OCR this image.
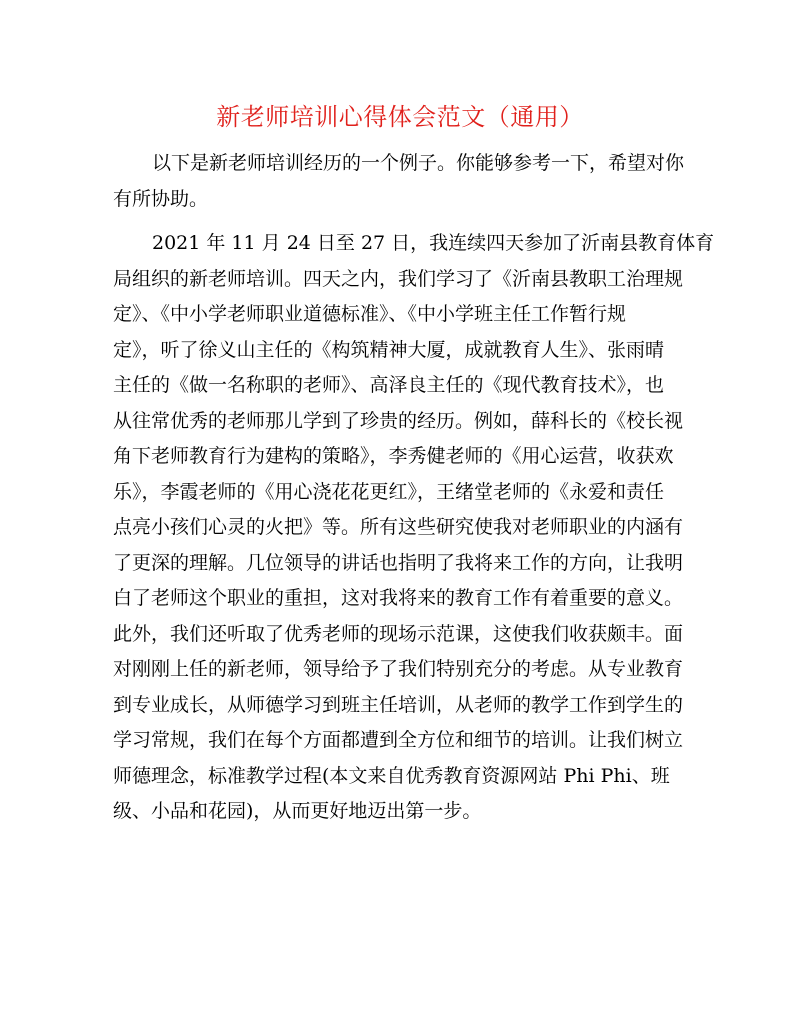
新老师培训心得体会范文（通用）
以下是新老师培训经历的一个例子。你能够参考一下，希望对你
有所协助。
2021 年 11 月 24 日至 27 日，我连续四天参加了沂南县教育体育
局组织的新老师培训。四天之内，我们学习了《沂南县教职工治理规
定》、《中小学老师职业道德标准》、《中小学班主任工作暂行规
定》，听了徐义山主任的《构筑精神大厦，成就教育人生》、张雨晴
主任的《做一名称职的老师》、高泽良主任的《现代教育技术》，也
从往常优秀的老师那儿学到了珍贵的经历。例如，薛科长的《校长视
角下老师教育行为建构的策略》，李秀健老师的《用心运营，收获欢
乐》，李霞老师的《用心浇花花更红》，王绪堂老师的《永爱和责任
点亮小孩们心灵的火把》等。所有这些研究使我对老师职业的内涵有
了更深的理解。几位领导的讲话也指明了我将来工作的方向，让我明
白了老师这个职业的重担，这对我将来的教育工作有着重要的意义。
此外，我们还听取了优秀老师的现场示范课，这使我们收获颇丰。面
对刚刚上任的新老师，领导给予了我们特别充分的考虑。从专业教育
到专业成长，从师德学习到班主任培训，从老师的教学工作到学生的
学习常规，我们在每个方面都遭到全方位和细节的培训。让我们树立
师德理念，标准教学过程(本文来自优秀教育资源网站 Phi Phi、班
级、小品和花园)，从而更好地迈出第一步。
